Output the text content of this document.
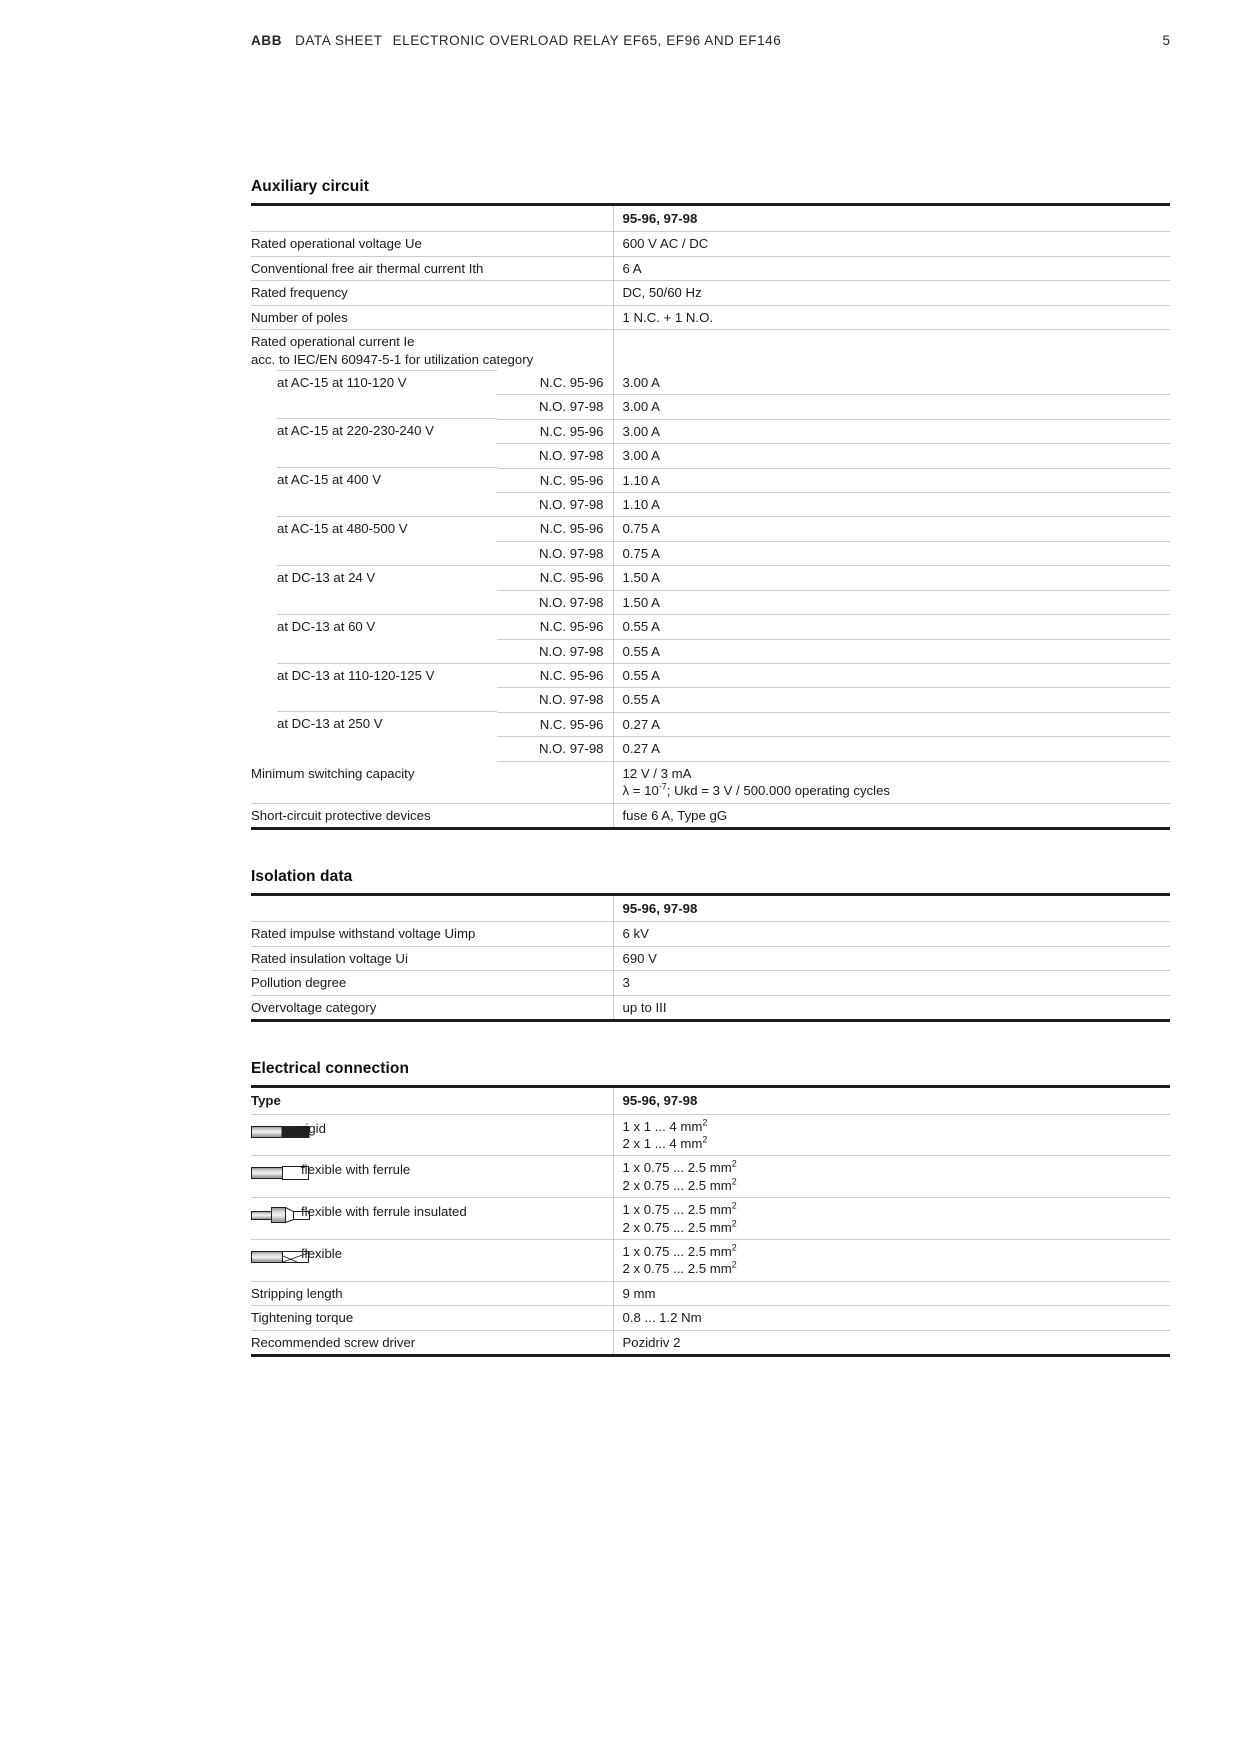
ABB DATA SHEET ELECTRONIC OVERLOAD RELAY EF65, EF96 AND EF146	5
Auxiliary circuit
		95-96, 97-98
Rated operational voltage Ue		600 V AC / DC
Conventional free air thermal current Ith		6 A
Rated frequency		DC, 50/60 Hz
Number of poles		1 N.C. + 1 N.O.

Rated operational current Ie
acc. to IEC/EN 60947-5-1 for utilization category		

at AC-15 at 110-120 V	N.C. 95-96	3.00 A
	N.O. 97-98	3.00 A
at AC-15 at 220-230-240 V	N.C. 95-96	3.00 A
	N.O. 97-98	3.00 A
at AC-15 at 400 V	N.C. 95-96	1.10 A
	N.O. 97-98	1.10 A
at AC-15 at 480-500 V	N.C. 95-96	0.75 A
	N.O. 97-98	0.75 A
at DC-13 at 24 V	N.C. 95-96	1.50 A
	N.O. 97-98	1.50 A
at DC-13 at 60 V	N.C. 95-96	0.55 A
	N.O. 97-98	0.55 A
at DC-13 at 110-120-125 V	N.C. 95-96	0.55 A
	N.O. 97-98	0.55 A
at DC-13 at 250 V	N.C. 95-96	0.27 A
	N.O. 97-98	0.27 A
Minimum switching capacity		12 V / 3 mA
$\lambda = 10^{-7}$; Ukd = 3 V / 500.000 operating cycles

Short-circuit protective devices		fuse 6 A, Type gG
Isolation data
	95-96, 97-98
Rated impulse withstand voltage Uimp	6 kV
Rated insulation voltage Ui	690 V
Pollution degree	3
Overvoltage category	up to III
Electrical connection
Type		95-96, 97-98

	rigid	1 x 1 ... 4 $mm^2$
2 x 1 ... 4 $mm^2$

	flexible with ferrule	1 x 0.75 ... 2.5 $mm^2$
2 x 0.75 ... 2.5 $mm^2$

	flexible with ferrule insulated	1 x 0.75 ... 2.5 $mm^2$
2 x 0.75 ... 2.5 $mm^2$

	flexible	1 x 0.75 ... 2.5 $mm^2$
2 x 0.75 ... 2.5 $mm^2$

Stripping length		9 mm
Tightening torque		0.8 ... 1.2 Nm
Recommended screw driver		Pozidriv 2
